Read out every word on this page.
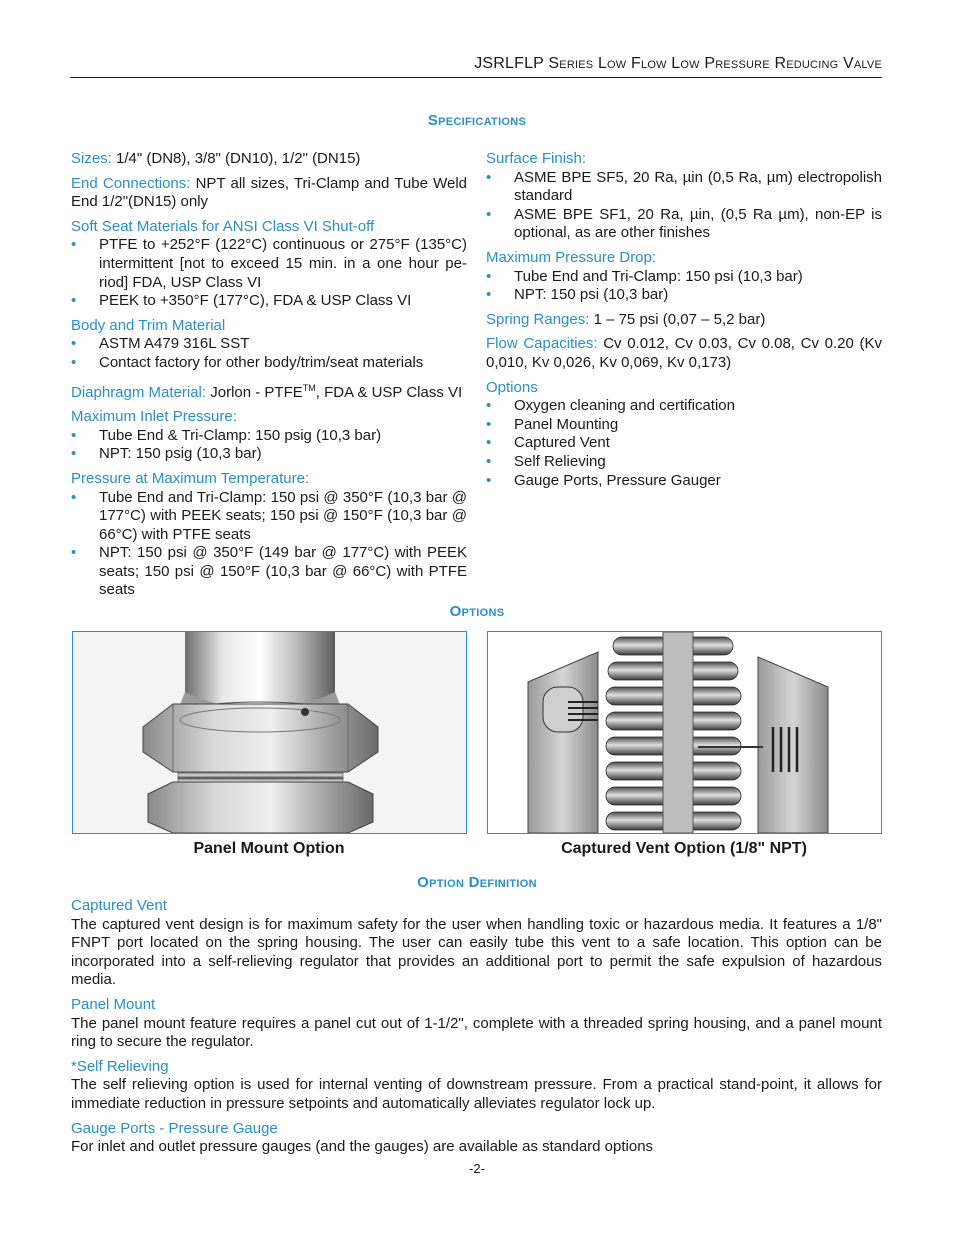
JSRLFLP Series Low Flow Low Pressure Reducing Valve
Specifications

Sizes: 1/4" (DN8), 3/8" (DN10), 1/2" (DN15)

End Connections: NPT all sizes, Tri-Clamp and Tube Weld End 1/2"(DN15) only

Soft Seat Materials for ANSI Class VI Shut-off

• PTFE to +252°F (122°C) continuous or 275°F (135°C) intermittent [not to exceed 15 min. in a one hour pe-riod] FDA, USP Class VI
• PEEK to +350°F (177°C), FDA & USP Class VI

Body and Trim Material

• ASTM A479 316L SST
• Contact factory for other body/trim/seat materials

Diaphragm Material: Jorlon - PTFE™, FDA & USP Class VI

Maximum Inlet Pressure:

• Tube End & Tri-Clamp: 150 psig (10,3 bar)
• NPT: 150 psig (10,3 bar)

Pressure at Maximum Temperature:

• Tube End and Tri-Clamp: 150 psi @ 350°F (10,3 bar @ 177°C) with PEEK seats; 150 psi @ 150°F (10,3 bar @ 66°C) with PTFE seats
• NPT: 150 psi @ 350°F (149 bar @ 177°C) with PEEK seats; 150 psi @ 150°F (10,3 bar @ 66°C) with PTFE seats

Surface Finish:

• ASME BPE SF5, 20 Ra, µin (0,5 Ra, µm) electropolish standard
• ASME BPE SF1, 20 Ra, µin, (0,5 Ra µm), non-EP is optional, as are other finishes

Maximum Pressure Drop:

• Tube End and Tri-Clamp: 150 psi (10,3 bar)
• NPT: 150 psi (10,3 bar)

Spring Ranges: 1 – 75 psi (0,07 – 5,2 bar)

Flow Capacities: Cv 0.012, Cv 0.03, Cv 0.08, Cv 0.20 (Kv 0,010, Kv 0,026, Kv 0,069, Kv 0,173)

Options

• Oxygen cleaning and certification
• Panel Mounting
• Captured Vent
• Self Relieving
• Gauge Ports, Pressure Gauger
Options
Panel Mount Option	Captured Vent Option (1/8" NPT)
Option Definition

Captured Vent

The captured vent design is for maximum safety for the user when handling toxic or hazardous media. It features a 1/8" FNPT port located on the spring housing. The user can easily tube this vent to a safe location. This option can be incorporated into a self-relieving regulator that provides an additional port to permit the safe expulsion of hazardous media.

Panel Mount

The panel mount feature requires a panel cut out of 1-1/2", complete with a threaded spring housing, and a panel mount ring to secure the regulator.

*Self Relieving

The self relieving option is used for internal venting of downstream pressure. From a practical stand-point, it allows for immediate reduction in pressure setpoints and automatically alleviates regulator lock up.

Gauge Ports - Pressure Gauge

For inlet and outlet pressure gauges (and the gauges) are available as standard options

-2-
